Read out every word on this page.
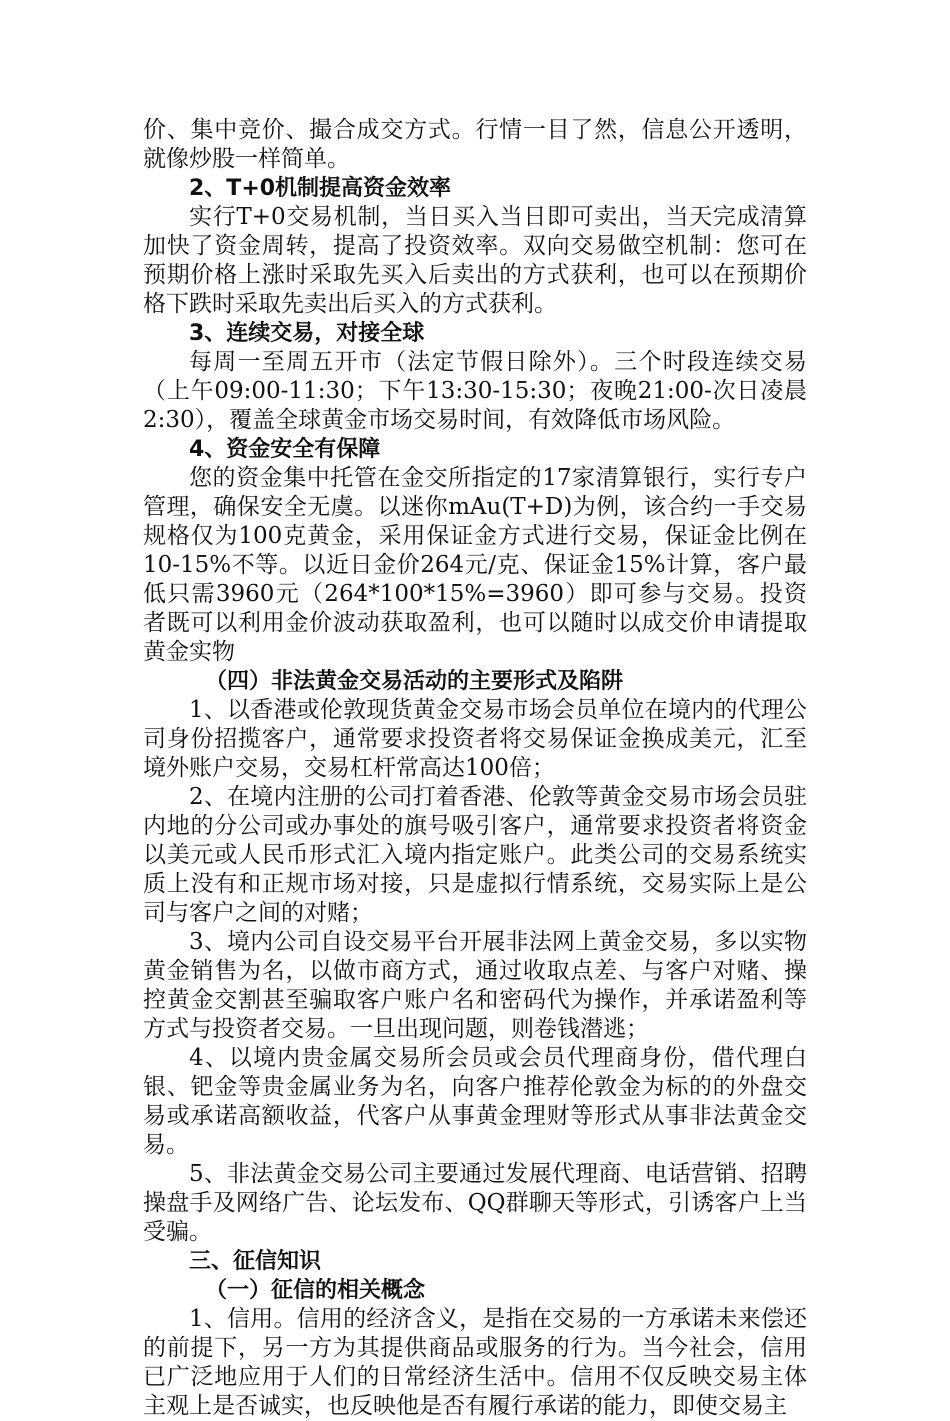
价、集中竞价、撮合成交方式。行情一目了然，信息公开透明，就像炒股一样简单。

2、T+0机制提高资金效率

实行T+0交易机制，当日买入当日即可卖出，当天完成清算加快了资金周转，提高了投资效率。双向交易做空机制：您可在预期价格上涨时采取先买入后卖出的方式获利，也可以在预期价格下跌时采取先卖出后买入的方式获利。

3、连续交易，对接全球

每周一至周五开市（法定节假日除外）。三个时段连续交易（上午09:00-11:30；下午13:30-15:30；夜晚21:00-次日凌晨2:30），覆盖全球黄金市场交易时间，有效降低市场风险。

4、资金安全有保障

您的资金集中托管在金交所指定的17家清算银行，实行专户管理，确保安全无虞。以迷你mAu(T+D)为例，该合约一手交易规格仅为100克黄金，采用保证金方式进行交易，保证金比例在10-15%不等。以近日金价264元/克、保证金15%计算，客户最低只需3960元（264*100*15%=3960）即可参与交易。投资者既可以利用金价波动获取盈利，也可以随时以成交价申请提取黄金实物

（四）非法黄金交易活动的主要形式及陷阱

1、以香港或伦敦现货黄金交易市场会员单位在境内的代理公司身份招揽客户，通常要求投资者将交易保证金换成美元，汇至境外账户交易，交易杠杆常高达100倍；

2、在境内注册的公司打着香港、伦敦等黄金交易市场会员驻内地的分公司或办事处的旗号吸引客户，通常要求投资者将资金以美元或人民币形式汇入境内指定账户。此类公司的交易系统实质上没有和正规市场对接，只是虚拟行情系统，交易实际上是公司与客户之间的对赌；

3、境内公司自设交易平台开展非法网上黄金交易，多以实物黄金销售为名，以做市商方式，通过收取点差、与客户对赌、操控黄金交割甚至骗取客户账户名和密码代为操作，并承诺盈利等方式与投资者交易。一旦出现问题，则卷钱潜逃；

4、以境内贵金属交易所会员或会员代理商身份，借代理白银、钯金等贵金属业务为名，向客户推荐伦敦金为标的的外盘交易或承诺高额收益，代客户从事黄金理财等形式从事非法黄金交易。

5、非法黄金交易公司主要通过发展代理商、电话营销、招聘操盘手及网络广告、论坛发布、QQ群聊天等形式，引诱客户上当受骗。

三、征信知识

（一）征信的相关概念

1、信用。信用的经济含义，是指在交易的一方承诺未来偿还的前提下，另一方为其提供商品或服务的行为。当今社会，信用已广泛地应用于人们的日常经济生活中。信用不仅反映交易主体主观上是否诚实，也反映他是否有履行承诺的能力，即使交易主
